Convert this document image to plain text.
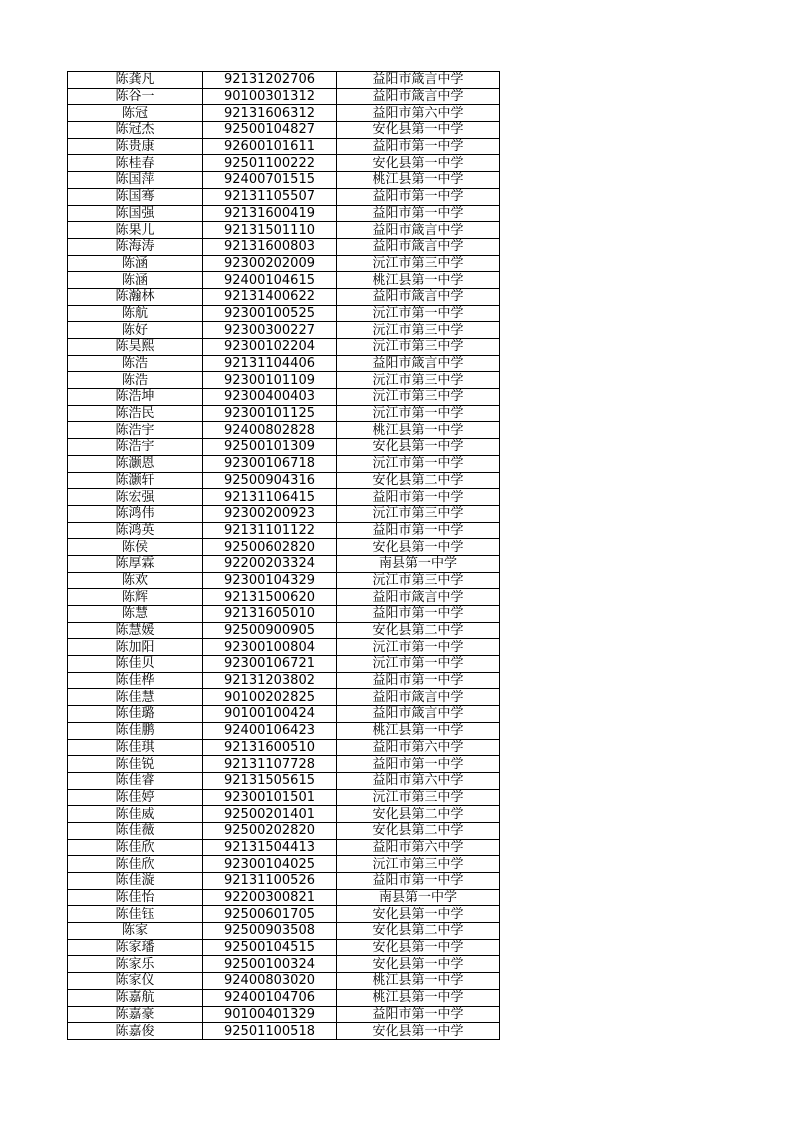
陈龚凡	92131202706	益阳市箴言中学
陈谷一	90100301312	益阳市箴言中学
陈冠	92131606312	益阳市第六中学
陈冠杰	92500104827	安化县第一中学
陈贵康	92600101611	益阳市第一中学
陈桂春	92501100222	安化县第一中学
陈国萍	92400701515	桃江县第一中学
陈国骞	92131105507	益阳市第一中学
陈国强	92131600419	益阳市第一中学
陈果儿	92131501110	益阳市箴言中学
陈海涛	92131600803	益阳市箴言中学
陈涵	92300202009	沅江市第三中学
陈涵	92400104615	桃江县第一中学
陈瀚林	92131400622	益阳市箴言中学
陈航	92300100525	沅江市第一中学
陈好	92300300227	沅江市第三中学
陈昊熙	92300102204	沅江市第三中学
陈浩	92131104406	益阳市箴言中学
陈浩	92300101109	沅江市第三中学
陈浩坤	92300400403	沅江市第三中学
陈浩民	92300101125	沅江市第一中学
陈浩宇	92400802828	桃江县第一中学
陈浩宇	92500101309	安化县第一中学
陈灏恩	92300106718	沅江市第一中学
陈灏轩	92500904316	安化县第二中学
陈宏强	92131106415	益阳市第一中学
陈鸿伟	92300200923	沅江市第三中学
陈鸿英	92131101122	益阳市第一中学
陈侯	92500602820	安化县第一中学
陈厚霖	92200203324	南县第一中学
陈欢	92300104329	沅江市第三中学
陈辉	92131500620	益阳市箴言中学
陈慧	92131605010	益阳市第一中学
陈慧媛	92500900905	安化县第二中学
陈加阳	92300100804	沅江市第一中学
陈佳贝	92300106721	沅江市第一中学
陈佳桦	92131203802	益阳市第一中学
陈佳慧	90100202825	益阳市箴言中学
陈佳璐	90100100424	益阳市箴言中学
陈佳鹏	92400106423	桃江县第一中学
陈佳琪	92131600510	益阳市第六中学
陈佳锐	92131107728	益阳市第一中学
陈佳睿	92131505615	益阳市第六中学
陈佳婷	92300101501	沅江市第三中学
陈佳威	92500201401	安化县第二中学
陈佳薇	92500202820	安化县第二中学
陈佳欣	92131504413	益阳市第六中学
陈佳欣	92300104025	沅江市第三中学
陈佳漩	92131100526	益阳市第一中学
陈佳怡	92200300821	南县第一中学
陈佳钰	92500601705	安化县第一中学
陈家	92500903508	安化县第二中学
陈家璠	92500104515	安化县第一中学
陈家乐	92500100324	安化县第一中学
陈家仪	92400803020	桃江县第一中学
陈嘉航	92400104706	桃江县第一中学
陈嘉豪	90100401329	益阳市第一中学
陈嘉俊	92501100518	安化县第一中学
